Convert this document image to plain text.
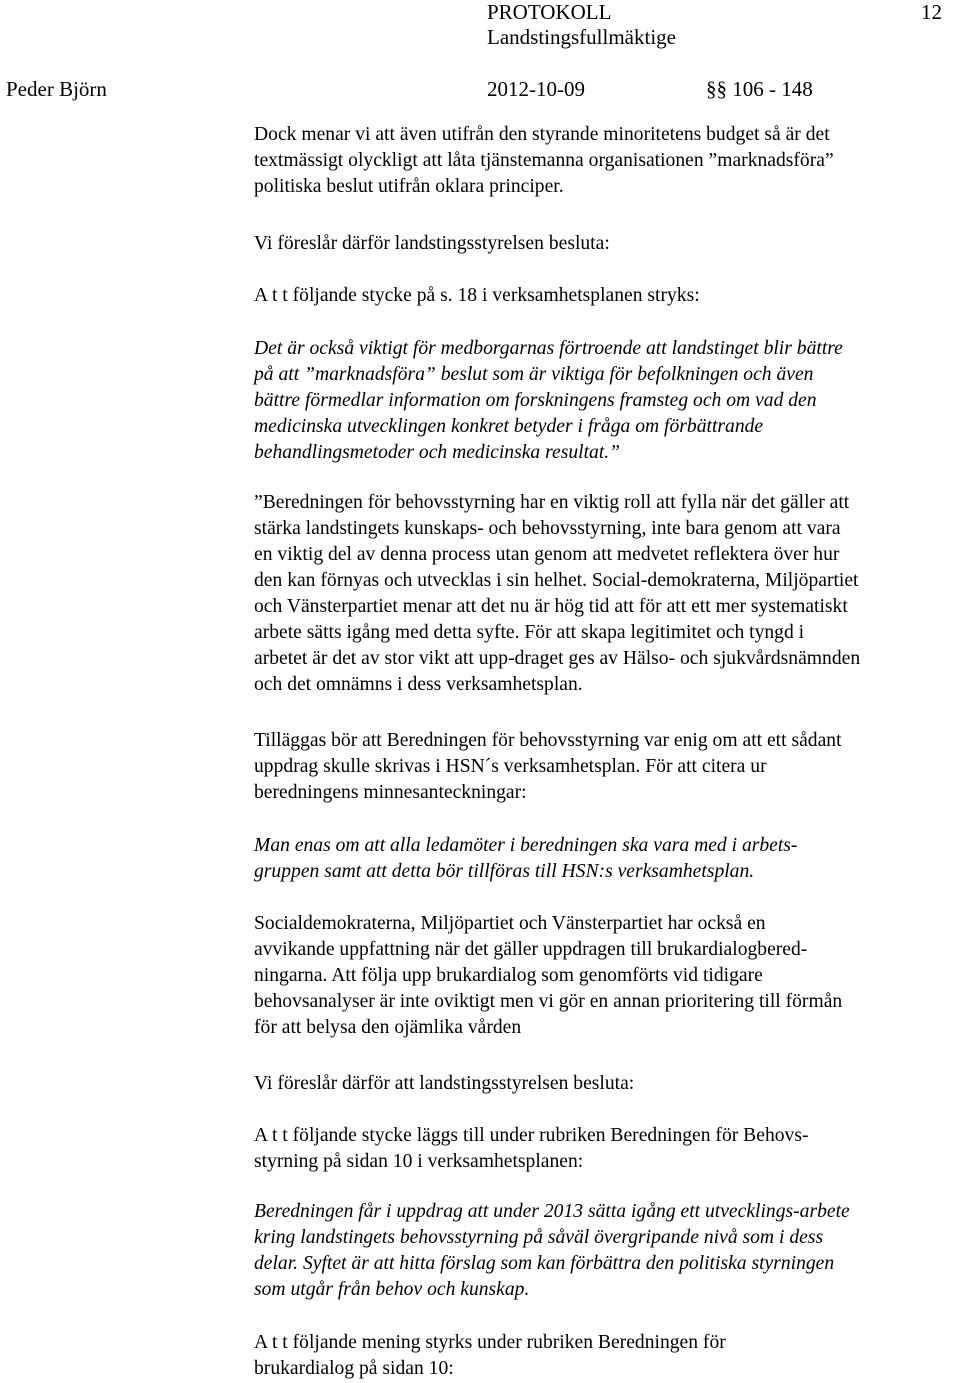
PROTOKOLL
Landstingsfullmäktige
12
Peder Björn	2012-10-09	§§ 106 - 148
Dock menar vi att även utifrån den styrande minoritetens budget så är det
textmässigt olyckligt att låta tjänstemanna organisationen ”marknadsföra”
politiska beslut utifrån oklara principer.
Vi föreslår därför landstingsstyrelsen besluta:
A t t följande stycke på s. 18 i verksamhetsplanen stryks:
Det är också viktigt för medborgarnas förtroende att landstinget blir bättre
på att ”marknadsföra” beslut som är viktiga för befolkningen och även
bättre förmedlar information om forskningens framsteg och om vad den
medicinska utvecklingen konkret betyder i fråga om förbättrande
behandlingsmetoder och medicinska resultat.”
”Beredningen för behovsstyrning har en viktig roll att fylla när det gäller att
stärka landstingets kunskaps- och behovsstyrning, inte bara genom att vara
en viktig del av denna process utan genom att medvetet reflektera över hur
den kan förnyas och utvecklas i sin helhet. Social-demokraterna, Miljöpartiet
och Vänsterpartiet menar att det nu är hög tid att för att ett mer systematiskt
arbete sätts igång med detta syfte. För att skapa legitimitet och tyngd i
arbetet är det av stor vikt att upp-draget ges av Hälso- och sjukvårdsnämnden
och det omnämns i dess verksamhetsplan.
Tilläggas bör att Beredningen för behovsstyrning var enig om att ett sådant
uppdrag skulle skrivas i HSN´s verksamhetsplan. För att citera ur
beredningens minnesanteckningar:
Man enas om att alla ledamöter i beredningen ska vara med i arbets-
gruppen samt att detta bör tillföras till HSN:s verksamhetsplan.
Socialdemokraterna, Miljöpartiet och Vänsterpartiet har också en
avvikande uppfattning när det gäller uppdragen till brukardialogbered-
ningarna. Att följa upp brukardialog som genomförts vid tidigare
behovsanalyser är inte oviktigt men vi gör en annan prioritering till förmån
för att belysa den ojämlika vården
Vi föreslår därför att landstingsstyrelsen besluta:
A t t följande stycke läggs till under rubriken Beredningen för Behovs-
styrning på sidan 10 i verksamhetsplanen:
Beredningen får i uppdrag att under 2013 sätta igång ett utvecklings-arbete
kring landstingets behovsstyrning på såväl övergripande nivå som i dess
delar. Syftet är att hitta förslag som kan förbättra den politiska styrningen
som utgår från behov och kunskap.
A t t följande mening styrks under rubriken Beredningen för
brukardialog på sidan 10:
